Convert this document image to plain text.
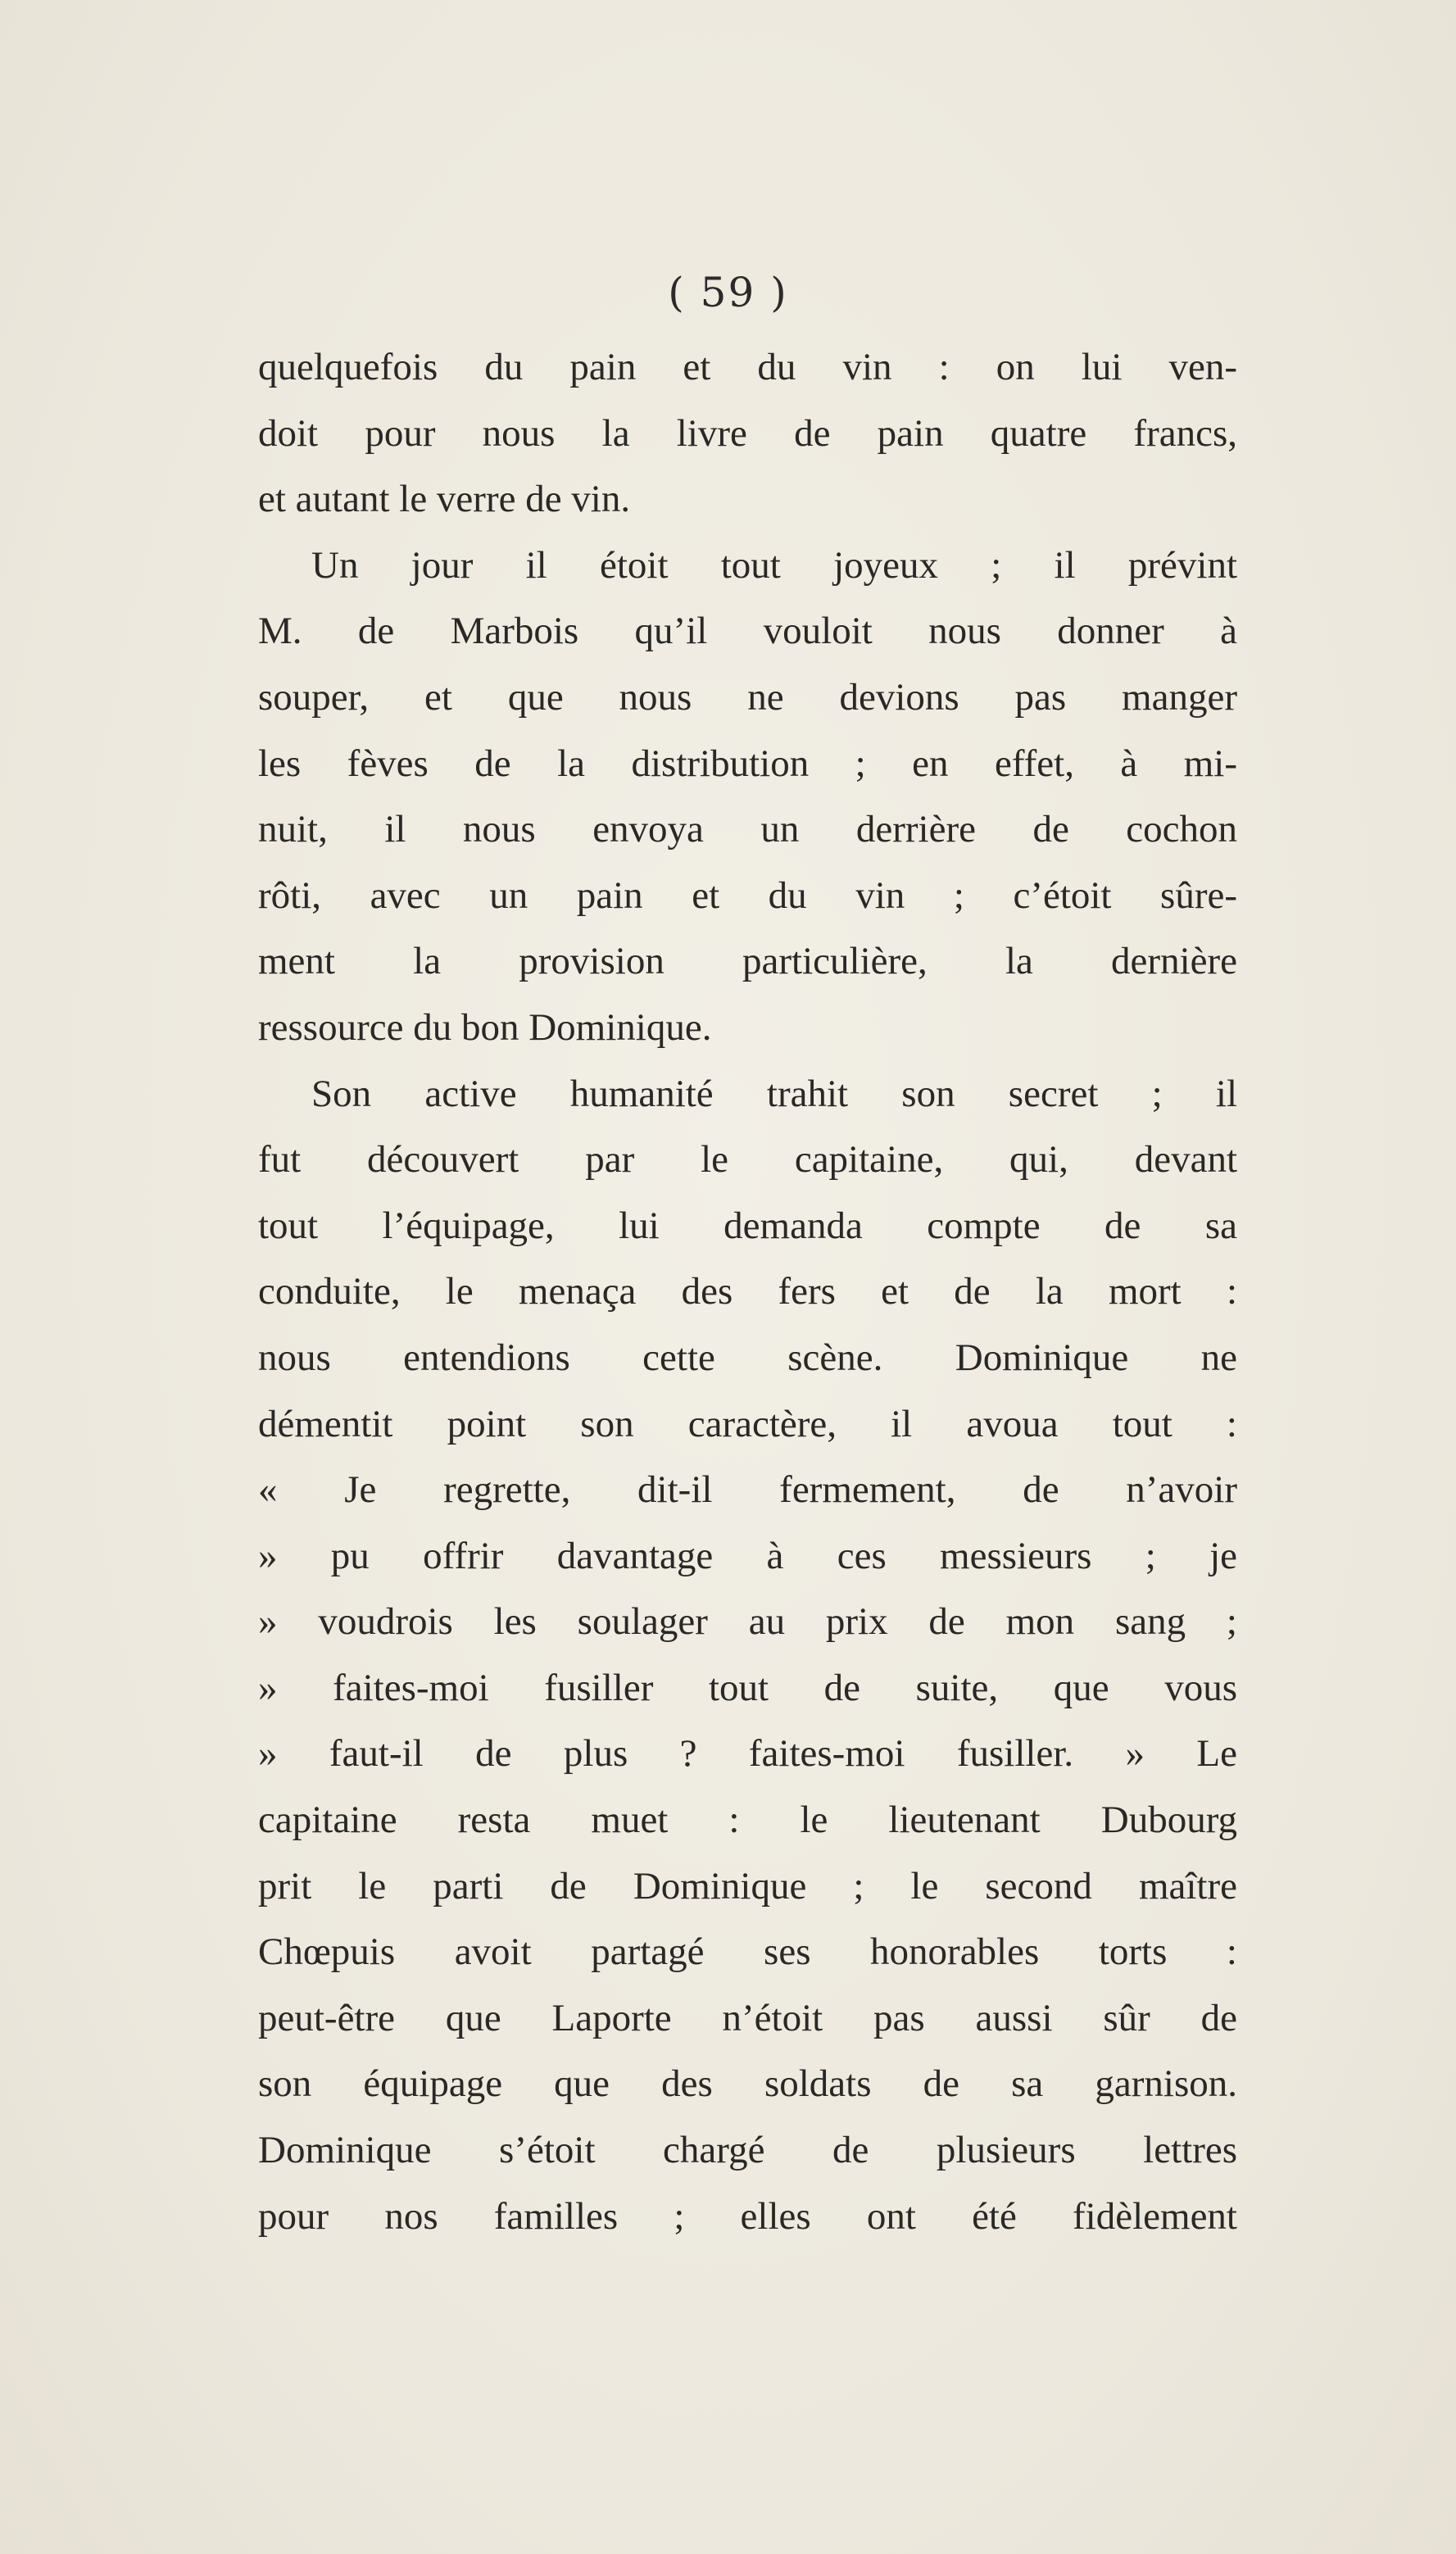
( 59 )
quelquefois du pain et du vin : on lui ven-
doit pour nous la livre de pain quatre francs,
et autant le verre de vin.
Un jour il étoit tout joyeux ; il prévint
M. de Marbois qu’il vouloit nous donner à
souper, et que nous ne devions pas manger
les fèves de la distribution ; en effet, à mi-
nuit, il nous envoya un derrière de cochon
rôti, avec un pain et du vin ; c’étoit sûre-
ment la provision particulière, la dernière
ressource du bon Dominique.
Son active humanité trahit son secret ; il
fut découvert par le capitaine, qui, devant
tout l’équipage, lui demanda compte de sa
conduite, le menaça des fers et de la mort :
nous entendions cette scène. Dominique ne
démentit point son caractère, il avoua tout :
« Je regrette, dit-il fermement, de n’avoir
» pu offrir davantage à ces messieurs ; je
» voudrois les soulager au prix de mon sang ;
» faites-moi fusiller tout de suite, que vous
» faut-il de plus ? faites-moi fusiller. » Le
capitaine resta muet : le lieutenant Dubourg
prit le parti de Dominique ; le second maître
Chœpuis avoit partagé ses honorables torts :
peut-être que Laporte n’étoit pas aussi sûr de
son équipage que des soldats de sa garnison.
Dominique s’étoit chargé de plusieurs lettres
pour nos familles ; elles ont été fidèlement
